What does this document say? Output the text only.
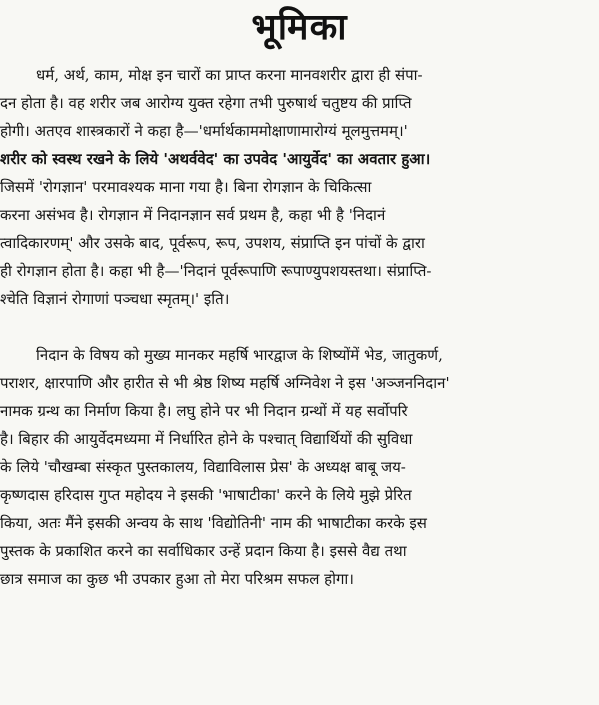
भूमिका
धर्म, अर्थ, काम, मोक्ष इन चारों का प्राप्त करना मानवशरीर द्वारा ही संपा-
दन होता है। वह शरीर जब आरोग्य युक्त रहेगा तभी पुरुषार्थ चतुष्टय की प्राप्ति
होगी। अतएव शास्त्रकारों ने कहा है—'धर्मार्थकाममोक्षाणामारोग्यं मूलमुत्तमम्।'
शरीर को स्वस्थ रखने के लिये 'अथर्ववेद' का उपवेद 'आयुर्वेद' का अवतार हुआ।
जिसमें 'रोगज्ञान' परमावश्यक माना गया है। बिना रोगज्ञान के चिकित्सा
करना असंभव है। रोगज्ञान में निदानज्ञान सर्व प्रथम है, कहा भी है 'निदानं
त्वादिकारणम्' और उसके बाद, पूर्वरूप, रूप, उपशय, संप्राप्ति इन पांचों के द्वारा
ही रोगज्ञान होता है। कहा भी है—'निदानं पूर्वरूपाणि रूपाण्युपशयस्तथा। संप्राप्ति-
श्चेति विज्ञानं रोगाणां पञ्चधा स्मृतम्।' इति।
निदान के विषय को मुख्य मानकर महर्षि भारद्वाज के शिष्योंमें भेड, जातुकर्ण,
पराशर, क्षारपाणि और हारीत से भी श्रेष्ठ शिष्य महर्षि अग्निवेश ने इस 'अञ्जननिदान'
नामक ग्रन्थ का निर्माण किया है। लघु होने पर भी निदान ग्रन्थों में यह सर्वोपरि
है। बिहार की आयुर्वेदमध्यमा में निर्धारित होने के पश्चात् विद्यार्थियों की सुविधा
के लिये 'चौखम्बा संस्कृत पुस्तकालय, विद्याविलास प्रेस' के अध्यक्ष बाबू जय-
कृष्णदास हरिदास गुप्त महोदय ने इसकी 'भाषाटीका' करने के लिये मुझे प्रेरित
किया, अतः मैंने इसकी अन्वय के साथ 'विद्योतिनी' नाम की भाषाटीका करके इस
पुस्तक के प्रकाशित करने का सर्वाधिकार उन्हें प्रदान किया है। इससे वैद्य तथा
छात्र समाज का कुछ भी उपकार हुआ तो मेरा परिश्रम सफल होगा।
